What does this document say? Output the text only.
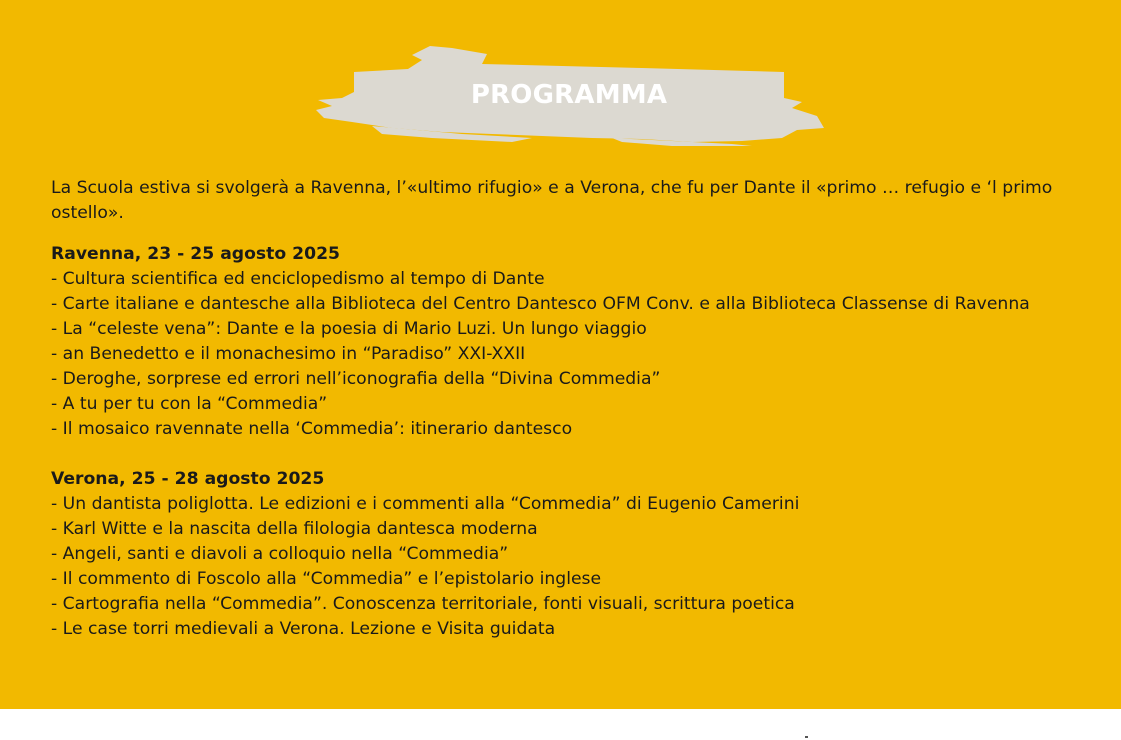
PROGRAMMA

La Scuola estiva si svolgerà a Ravenna, l’«ultimo rifugio» e a Verona, che fu per Dante il «primo … refugio e ‘l primo ostello».

Ravenna, 23 - 25 agosto 2025

- Cultura scientifica ed enciclopedismo al tempo di Dante

- Carte italiane e dantesche alla Biblioteca del Centro Dantesco OFM Conv. e alla Biblioteca Classense di Ravenna

- La “celeste vena”: Dante e la poesia di Mario Luzi. Un lungo viaggio

- an Benedetto e il monachesimo in “Paradiso” XXI-XXII

- Deroghe, sorprese ed errori nell’iconografia della “Divina Commedia”

- A tu per tu con la “Commedia”

- Il mosaico ravennate nella ‘Commedia’: itinerario dantesco

Verona, 25 - 28 agosto 2025

- Un dantista poliglotta. Le edizioni e i commenti alla “Commedia” di Eugenio Camerini

- Karl Witte e la nascita della filologia dantesca moderna

- Angeli, santi e diavoli a colloquio nella “Commedia”

- Il commento di Foscolo alla “Commedia” e l’epistolario inglese

- Cartografia nella “Commedia”. Conoscenza territoriale, fonti visuali, scrittura poetica

- Le case torri medievali a Verona. Lezione e Visita guidata
